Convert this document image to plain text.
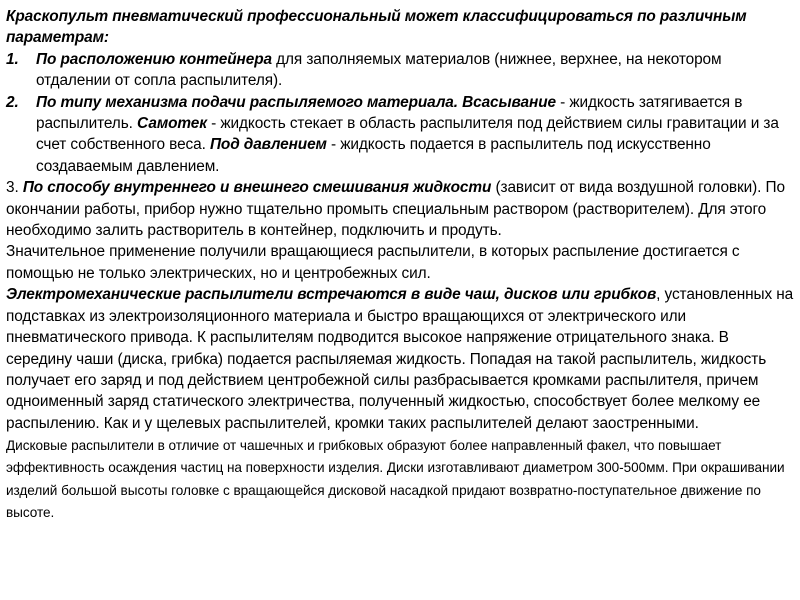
Краскопульт пневматический профессиональный может классифицироваться по различным параметрам:

1.	По расположению контейнера для заполняемых материалов (нижнее, верхнее, на некотором отдалении от сопла распылителя).
2.	По типу механизма подачи распыляемого материала. Всасывание - жидкость затягивается в распылитель. Самотек - жидкость стекает в область распылителя под действием силы гравитации и за счет собственного веса. Под давлением - жидкость подается в распылитель под искусственно создаваемым давлением.

3. По способу внутреннего и внешнего смешивания жидкости (зависит от вида воздушной головки). По окончании работы, прибор нужно тщательно промыть специальным раствором (растворителем). Для этого необходимо залить растворитель в контейнер, подключить и продуть.

Значительное применение получили вращающиеся распылители, в которых распыление достигается с помощью не только электрических, но и центробежных сил.

Электромеханические распылители встречаются в виде чаш, дисков или грибков, установленных на подставках из электроизоляционного материала и быстро вращающихся от электрического или пневматического привода. К распылителям подводится высокое напряжение отрицательного знака. В середину чаши (диска, грибка) подается распыляемая жидкость. Попадая на такой распылитель, жидкость получает его заряд и под действием центробежной силы разбрасывается кромками распылителя, причем одноименный заряд статического электричества, полученный жидкостью, способствует более мелкому ее распылению. Как и у щелевых распылителей, кромки таких распылителей делают заостренными.

Дисковые распылители в отличие от чашечных и грибковых образуют более направленный факел, что повышает эффективность осаждения частиц на поверхности изделия. Диски изготавливают диаметром 300-500мм. При окрашивании изделий большой высоты головке с вращающейся дисковой насадкой придают возвратно-поступательное движение по высоте.
